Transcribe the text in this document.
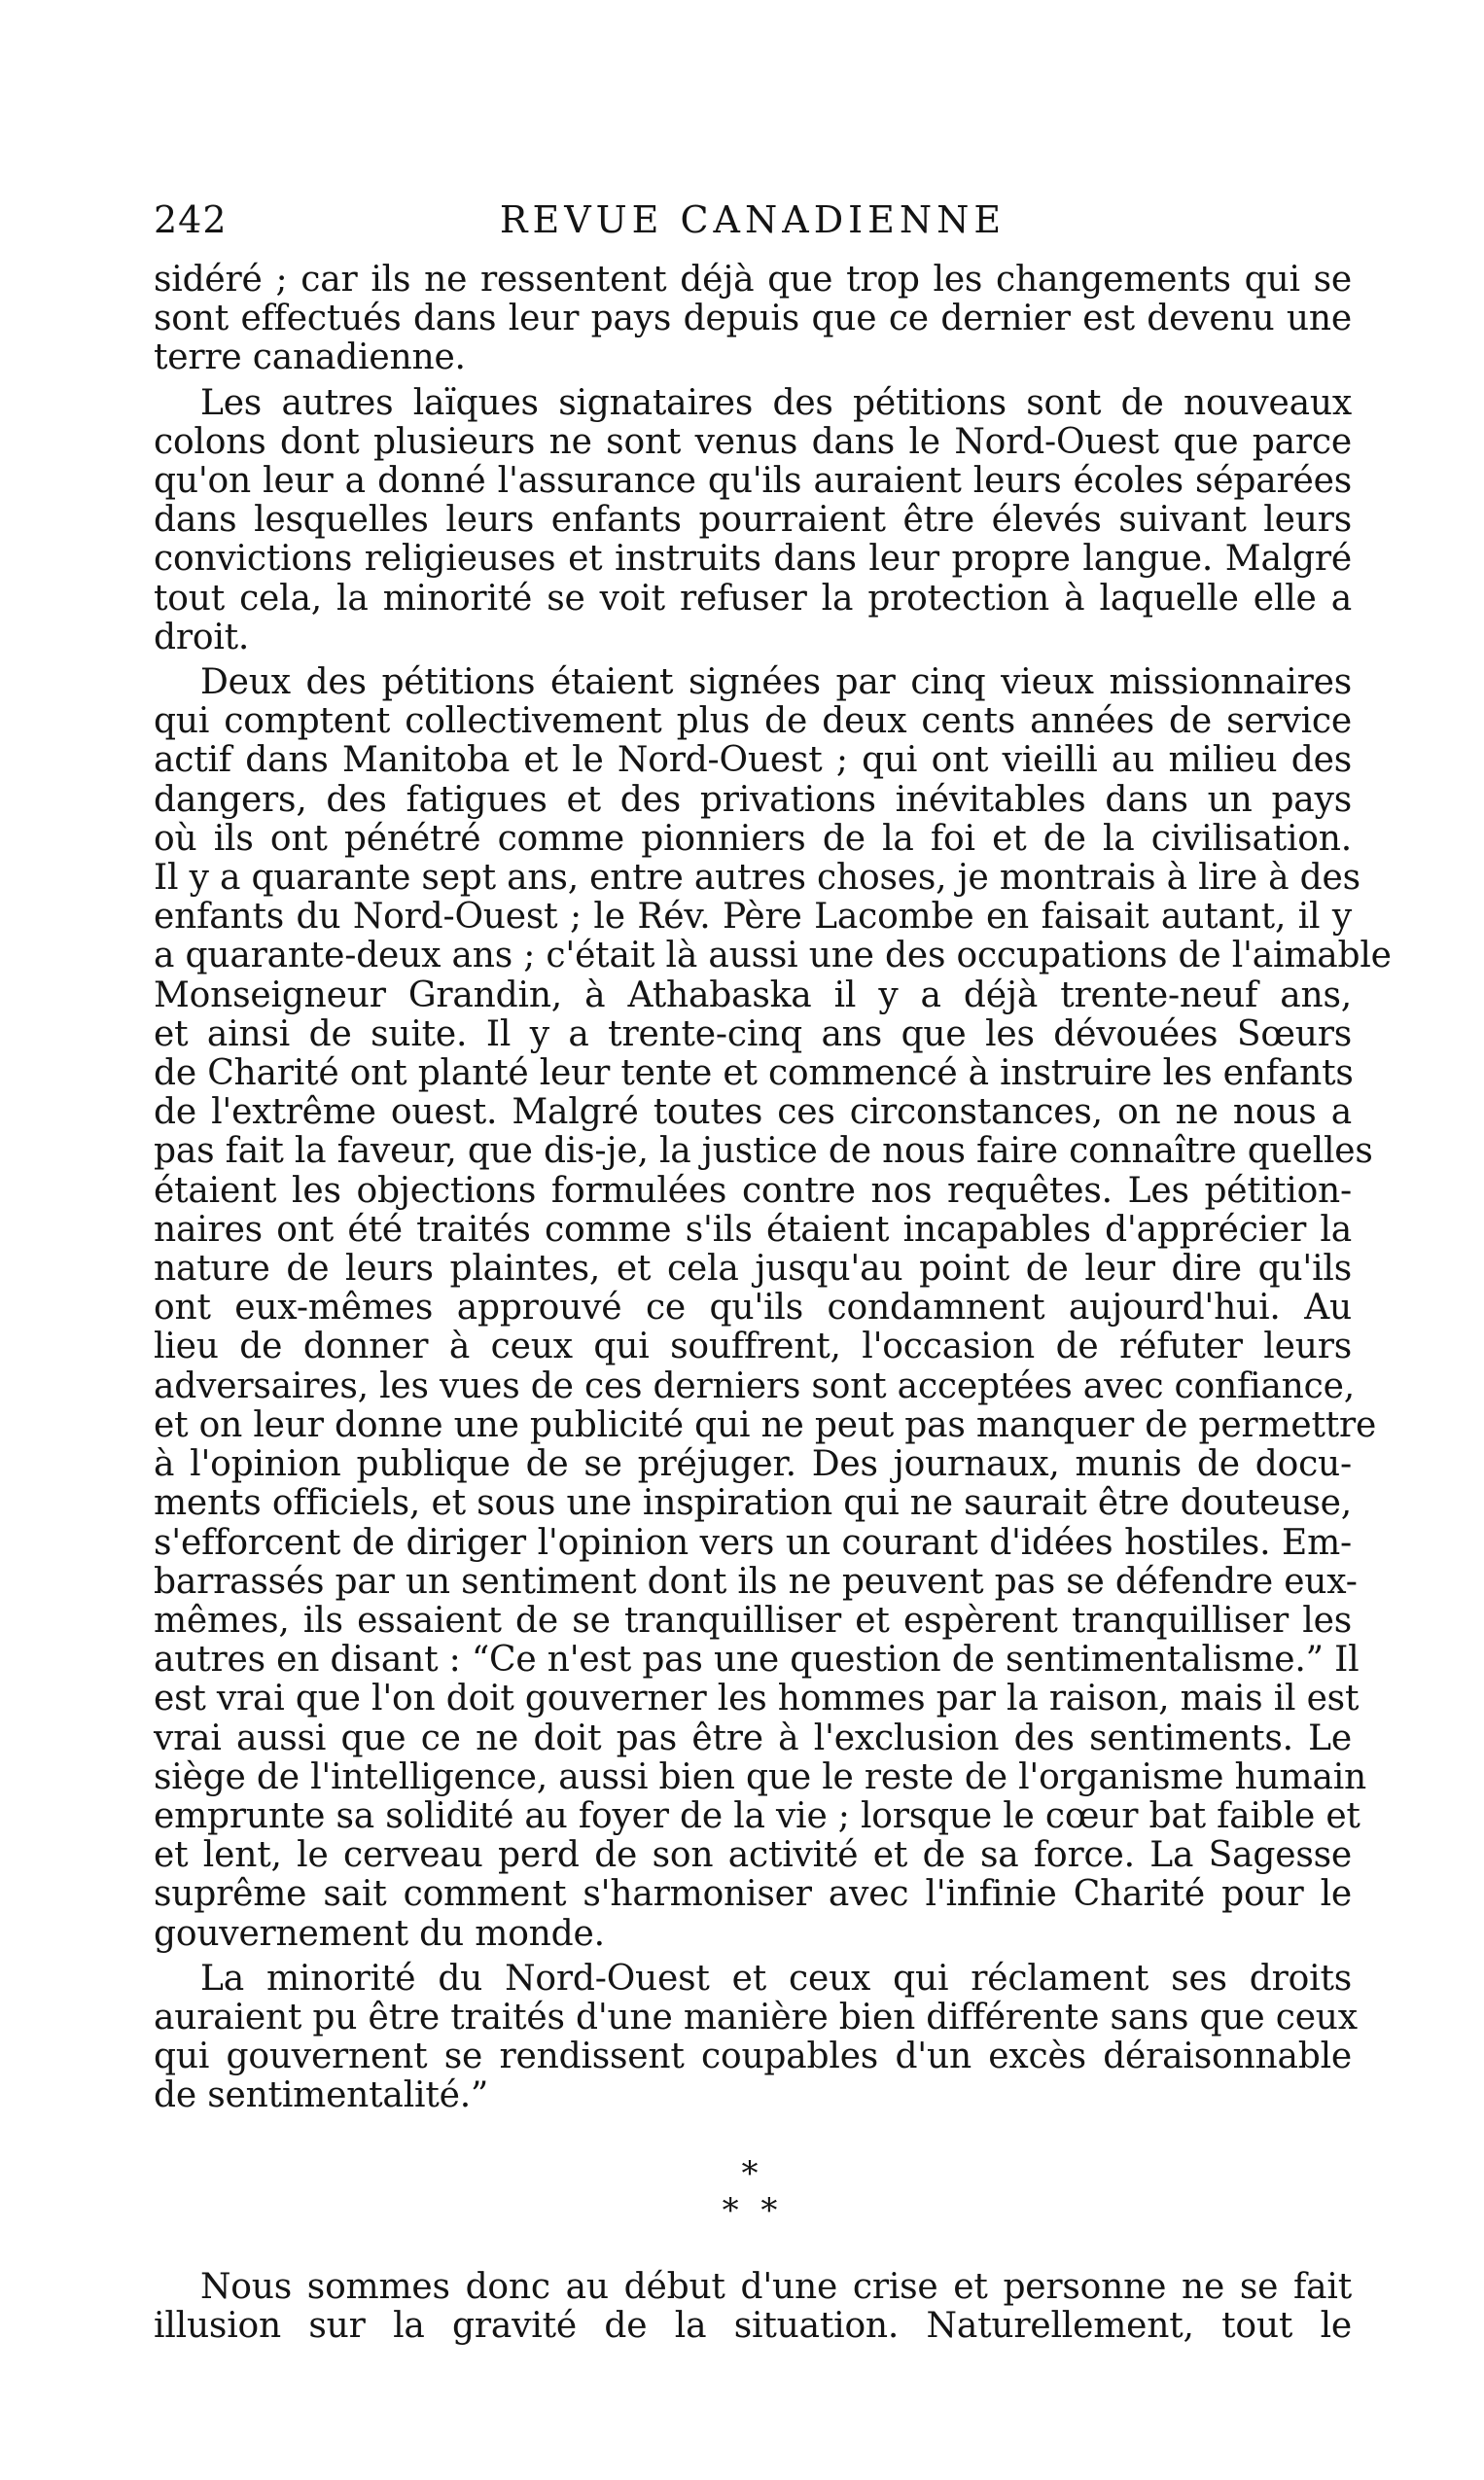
242	REVUE CANADIENNE
sidéré ; car ils ne ressentent déjà que trop les changements qui se
sont effectués dans leur pays depuis que ce dernier est devenu une
terre canadienne.
Les autres laïques signataires des pétitions sont de nouveaux
colons dont plusieurs ne sont venus dans le Nord-Ouest que parce
qu'on leur a donné l'assurance qu'ils auraient leurs écoles séparées
dans lesquelles leurs enfants pourraient être élevés suivant leurs
convictions religieuses et instruits dans leur propre langue. Malgré
tout cela, la minorité se voit refuser la protection à laquelle elle a
droit.
Deux des pétitions étaient signées par cinq vieux missionnaires
qui comptent collectivement plus de deux cents années de service
actif dans Manitoba et le Nord-Ouest ; qui ont vieilli au milieu des
dangers, des fatigues et des privations inévitables dans un pays
où ils ont pénétré comme pionniers de la foi et de la civilisation.
Il y a quarante sept ans, entre autres choses, je montrais à lire à des
enfants du Nord-Ouest ; le Rév. Père Lacombe en faisait autant, il y
a quarante-deux ans ; c'était là aussi une des occupations de l'aimable
Monseigneur Grandin, à Athabaska il y a déjà trente-neuf ans,
et ainsi de suite. Il y a trente-cinq ans que les dévouées Sœurs
de Charité ont planté leur tente et commencé à instruire les enfants
de l'extrême ouest. Malgré toutes ces circonstances, on ne nous a
pas fait la faveur, que dis-je, la justice de nous faire connaître quelles
étaient les objections formulées contre nos requêtes. Les pétition-
naires ont été traités comme s'ils étaient incapables d'apprécier la
nature de leurs plaintes, et cela jusqu'au point de leur dire qu'ils
ont eux-mêmes approuvé ce qu'ils condamnent aujourd'hui. Au
lieu de donner à ceux qui souffrent, l'occasion de réfuter leurs
adversaires, les vues de ces derniers sont acceptées avec confiance,
et on leur donne une publicité qui ne peut pas manquer de permettre
à l'opinion publique de se préjuger. Des journaux, munis de docu-
ments officiels, et sous une inspiration qui ne saurait être douteuse,
s'efforcent de diriger l'opinion vers un courant d'idées hostiles. Em-
barrassés par un sentiment dont ils ne peuvent pas se défendre eux-
mêmes, ils essaient de se tranquilliser et espèrent tranquilliser les
autres en disant : “Ce n'est pas une question de sentimentalisme.” Il
est vrai que l'on doit gouverner les hommes par la raison, mais il est
vrai aussi que ce ne doit pas être à l'exclusion des sentiments. Le
siège de l'intelligence, aussi bien que le reste de l'organisme humain
emprunte sa solidité au foyer de la vie ; lorsque le cœur bat faible et
et lent, le cerveau perd de son activité et de sa force. La Sagesse
suprême sait comment s'harmoniser avec l'infinie Charité pour le
gouvernement du monde.
La minorité du Nord-Ouest et ceux qui réclament ses droits
auraient pu être traités d'une manière bien différente sans que ceux
qui gouvernent se rendissent coupables d'un excès déraisonnable
de sentimentalité.”
*
* *
Nous sommes donc au début d'une crise et personne ne se fait
illusion sur la gravité de la situation. Naturellement, tout le
